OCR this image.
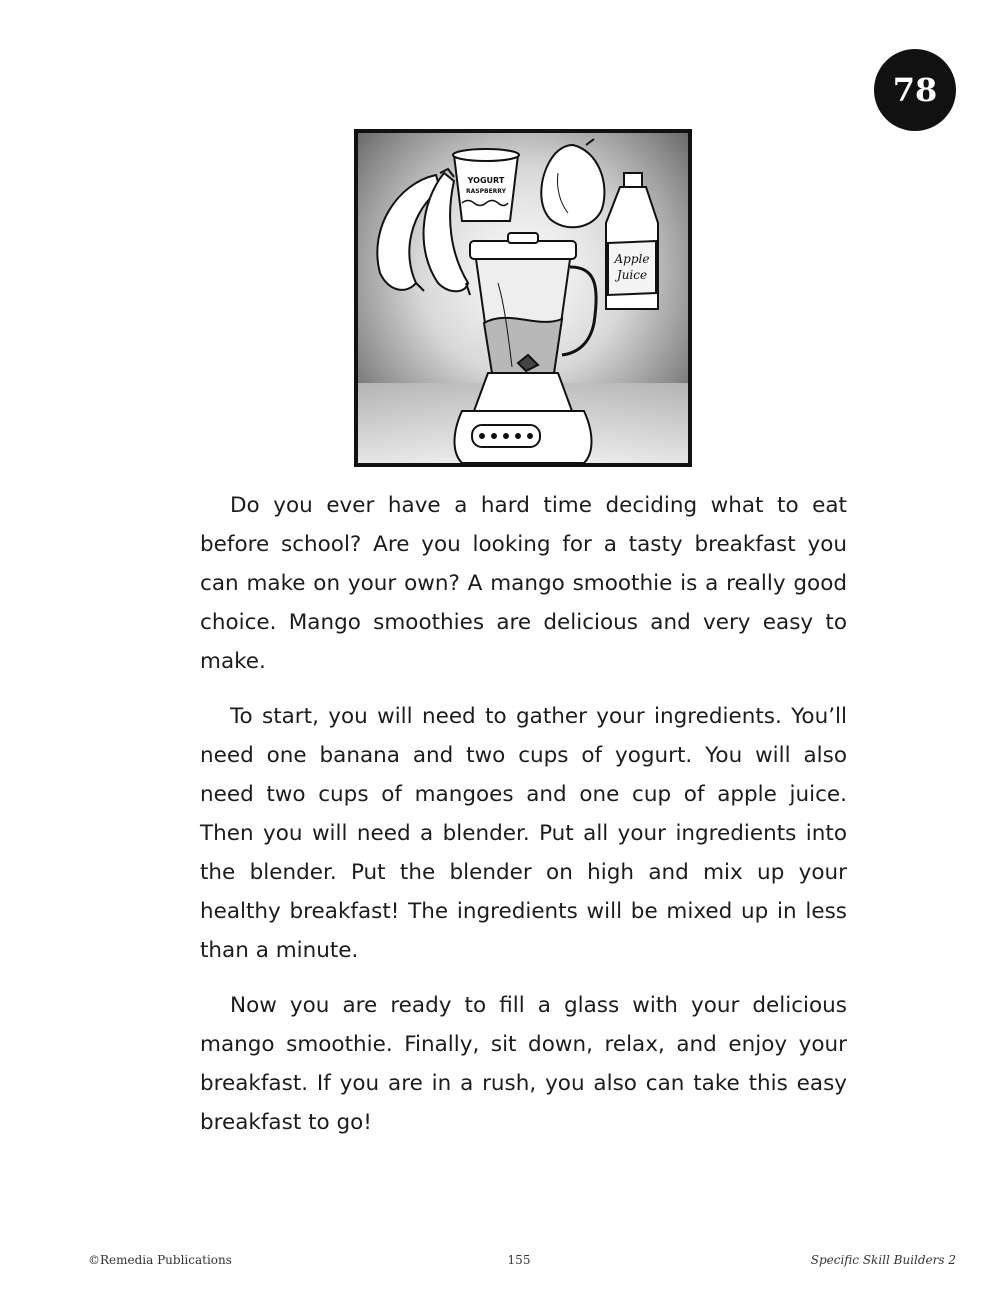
78
YOGURT
RASPBERRY
Apple
Juice

Do you ever have a hard time deciding what to eat before school? Are you looking for a tasty breakfast you can make on your own? A mango smoothie is a really good choice. Mango smoothies are delicious and very easy to make.

To start, you will need to gather your ingredients. You’ll need one banana and two cups of yogurt. You will also need two cups of mangoes and one cup of apple juice. Then you will need a blender. Put all your ingredients into the blender. Put the blender on high and mix up your healthy breakfast! The ingredients will be mixed up in less than a minute.

Now you are ready to fill a glass with your delicious mango smoothie. Finally, sit down, relax, and enjoy your breakfast. If you are in a rush, you also can take this easy breakfast to go!

©Remedia Publications	155	Specific Skill Builders 2
